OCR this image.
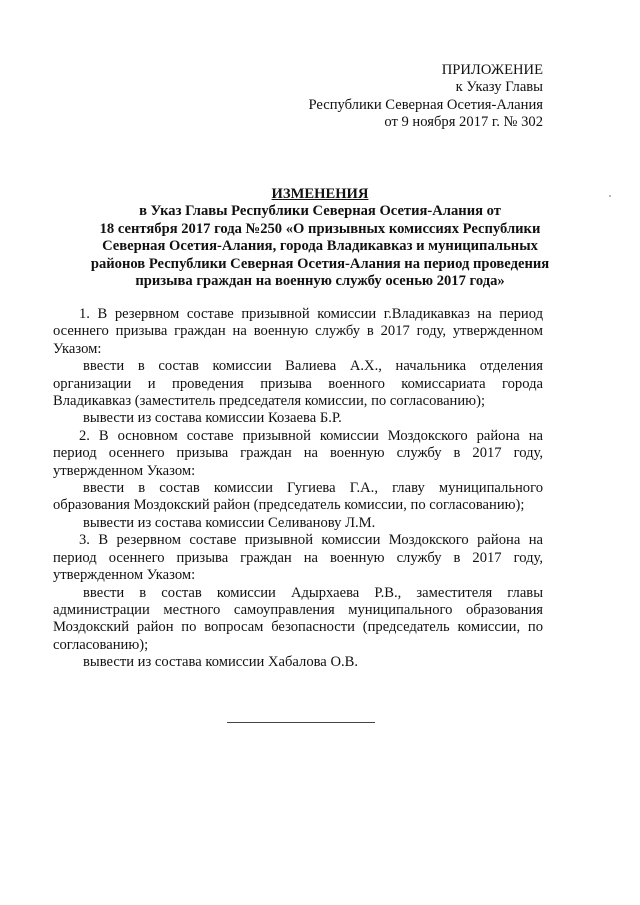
ПРИЛОЖЕНИЕ
к Указу Главы
Республики Северная Осетия-Алания
от 9 ноября 2017 г. № 302
ИЗМЕНЕНИЯ
в Указ Главы Республики Северная Осетия-Алания от
18 сентября 2017 года №250 «О призывных комиссиях Республики
Северная Осетия-Алания, города Владикавказ и муниципальных
районов Республики Северная Осетия-Алания на период проведения
призыва граждан на военную службу осенью 2017 года»

1. В резервном составе призывной комиссии г.Владикавказ на период осеннего призыва граждан на военную службу в 2017 году, утвержденном Указом:

ввести в состав комиссии Валиева А.Х., начальника отделения организации и проведения призыва военного комиссариата города Владикавказ (заместитель председателя комиссии, по согласованию);

вывести из состава комиссии Козаева Б.Р.

2. В основном составе призывной комиссии Моздокского района на период осеннего призыва граждан на военную службу в 2017 году, утвержденном Указом:

ввести в состав комиссии Гугиева Г.А., главу муниципального образования Моздокский район (председатель комиссии, по согласованию);

вывести из состава комиссии Селиванову Л.М.

3. В резервном составе призывной комиссии Моздокского района на период осеннего призыва граждан на военную службу в 2017 году, утвержденном Указом:

ввести в состав комиссии Адырхаева Р.В., заместителя главы администрации местного самоуправления муниципального образования Моздокский район по вопросам безопасности (председатель комиссии, по согласованию);

вывести из состава комиссии Хабалова О.В.
